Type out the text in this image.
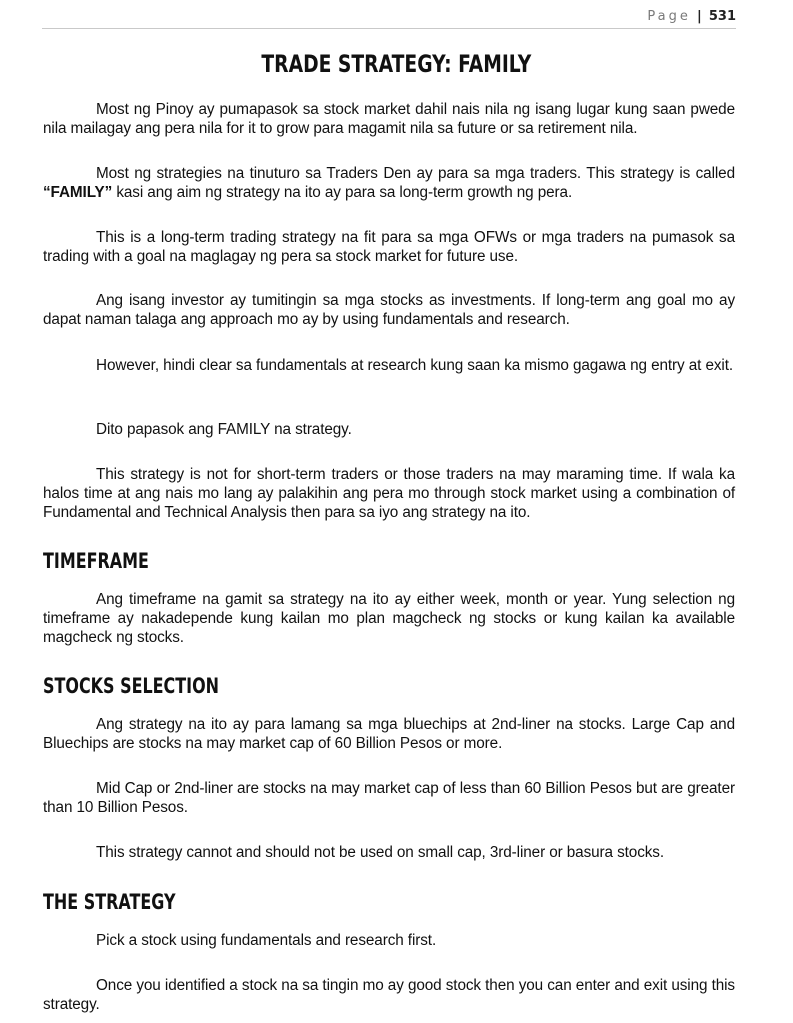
Page | 531
TRADE STRATEGY: FAMILY

Most ng Pinoy ay pumapasok sa stock market dahil nais nila ng isang lugar kung saan pwede nila mailagay ang pera nila for it to grow para magamit nila sa future or sa retirement nila.

Most ng strategies na tinuturo sa Traders Den ay para sa mga traders. This strategy is called “FAMILY” kasi ang aim ng strategy na ito ay para sa long-term growth ng pera.

This is a long-term trading strategy na fit para sa mga OFWs or mga traders na pumasok sa trading with a goal na maglagay ng pera sa stock market for future use.

Ang isang investor ay tumitingin sa mga stocks as investments. If long-term ang goal mo ay dapat naman talaga ang approach mo ay by using fundamentals and research.

However, hindi clear sa fundamentals at research kung saan ka mismo gagawa ng entry at exit.

Dito papasok ang FAMILY na strategy.

This strategy is not for short-term traders or those traders na may maraming time. If wala ka halos time at ang nais mo lang ay palakihin ang pera mo through stock market using a combination of Fundamental and Technical Analysis then para sa iyo ang strategy na ito.

TIMEFRAME

Ang timeframe na gamit sa strategy na ito ay either week, month or year. Yung selection ng timeframe ay nakadepende kung kailan mo plan magcheck ng stocks or kung kailan ka available magcheck ng stocks.

STOCKS SELECTION

Ang strategy na ito ay para lamang sa mga bluechips at 2nd-liner na stocks. Large Cap and Bluechips are stocks na may market cap of 60 Billion Pesos or more.

Mid Cap or 2nd-liner are stocks na may market cap of less than 60 Billion Pesos but are greater than 10 Billion Pesos.

This strategy cannot and should not be used on small cap, 3rd-liner or basura stocks.

THE STRATEGY

Pick a stock using fundamentals and research first.

Once you identified a stock na sa tingin mo ay good stock then you can enter and exit using this strategy.
